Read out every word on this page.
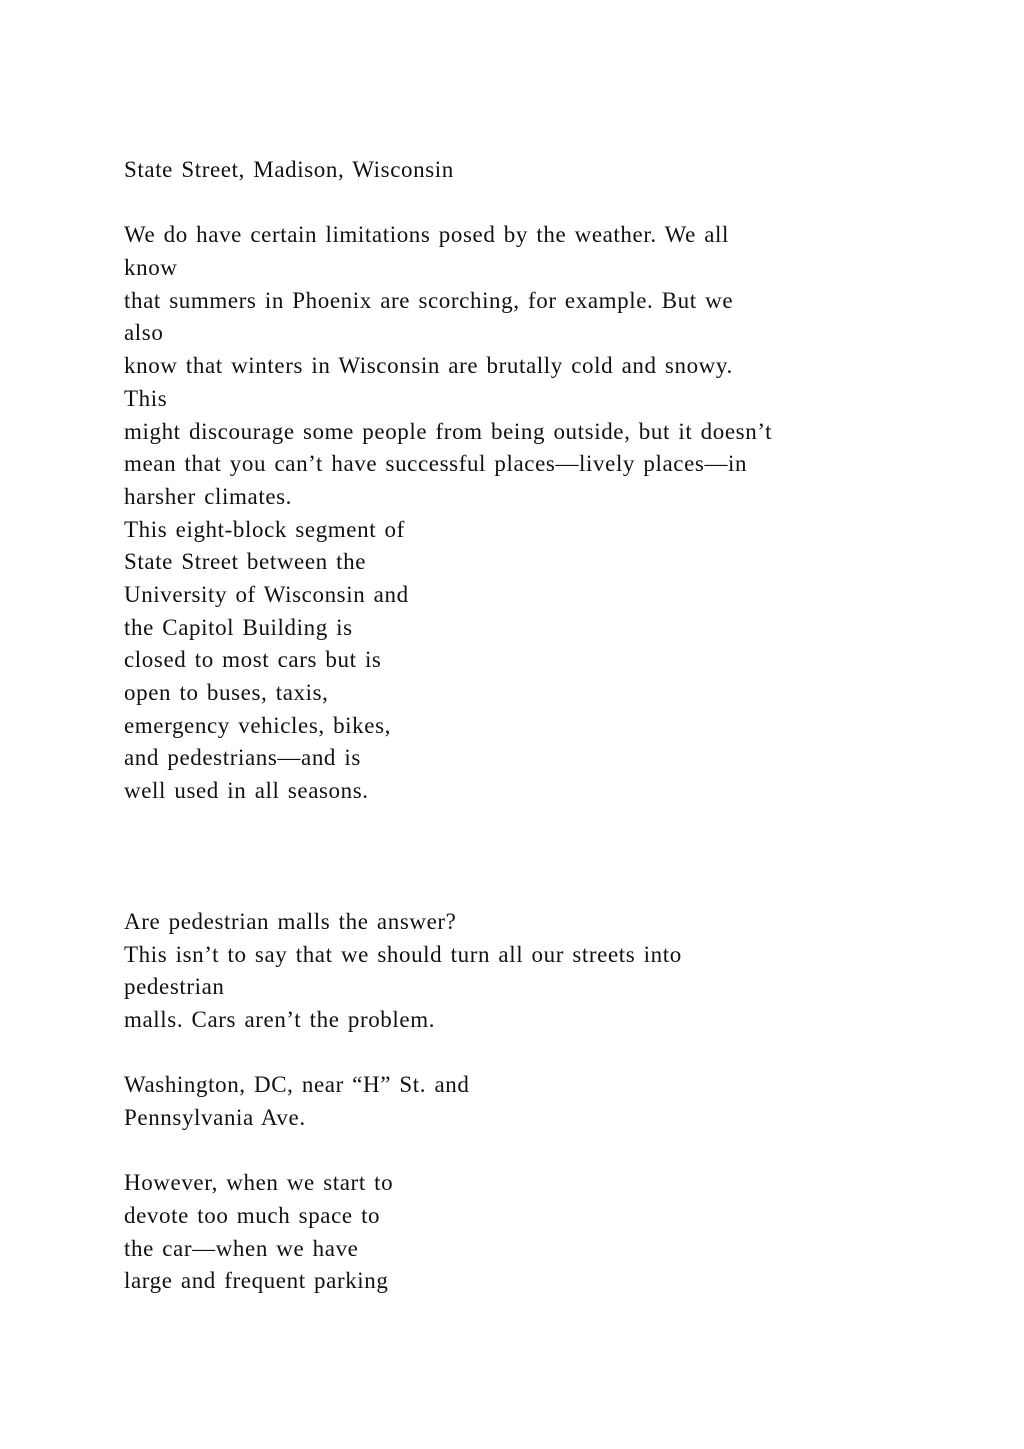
State Street, Madison, Wisconsin
We do have certain limitations posed by the weather. We all
know
that summers in Phoenix are scorching, for example. But we
also
know that winters in Wisconsin are brutally cold and snowy.
This
might discourage some people from being outside, but it doesn’t
mean that you can’t have successful places—lively places—in
harsher climates.
This eight-block segment of
State Street between the
University of Wisconsin and
the Capitol Building is
closed to most cars but is
open to buses, taxis,
emergency vehicles, bikes,
and pedestrians—and is
well used in all seasons.
Are pedestrian malls the answer?
This isn’t to say that we should turn all our streets into
pedestrian
malls. Cars aren’t the problem.
Washington, DC, near “H” St. and
Pennsylvania Ave.
However, when we start to
devote too much space to
the car—when we have
large and frequent parking
